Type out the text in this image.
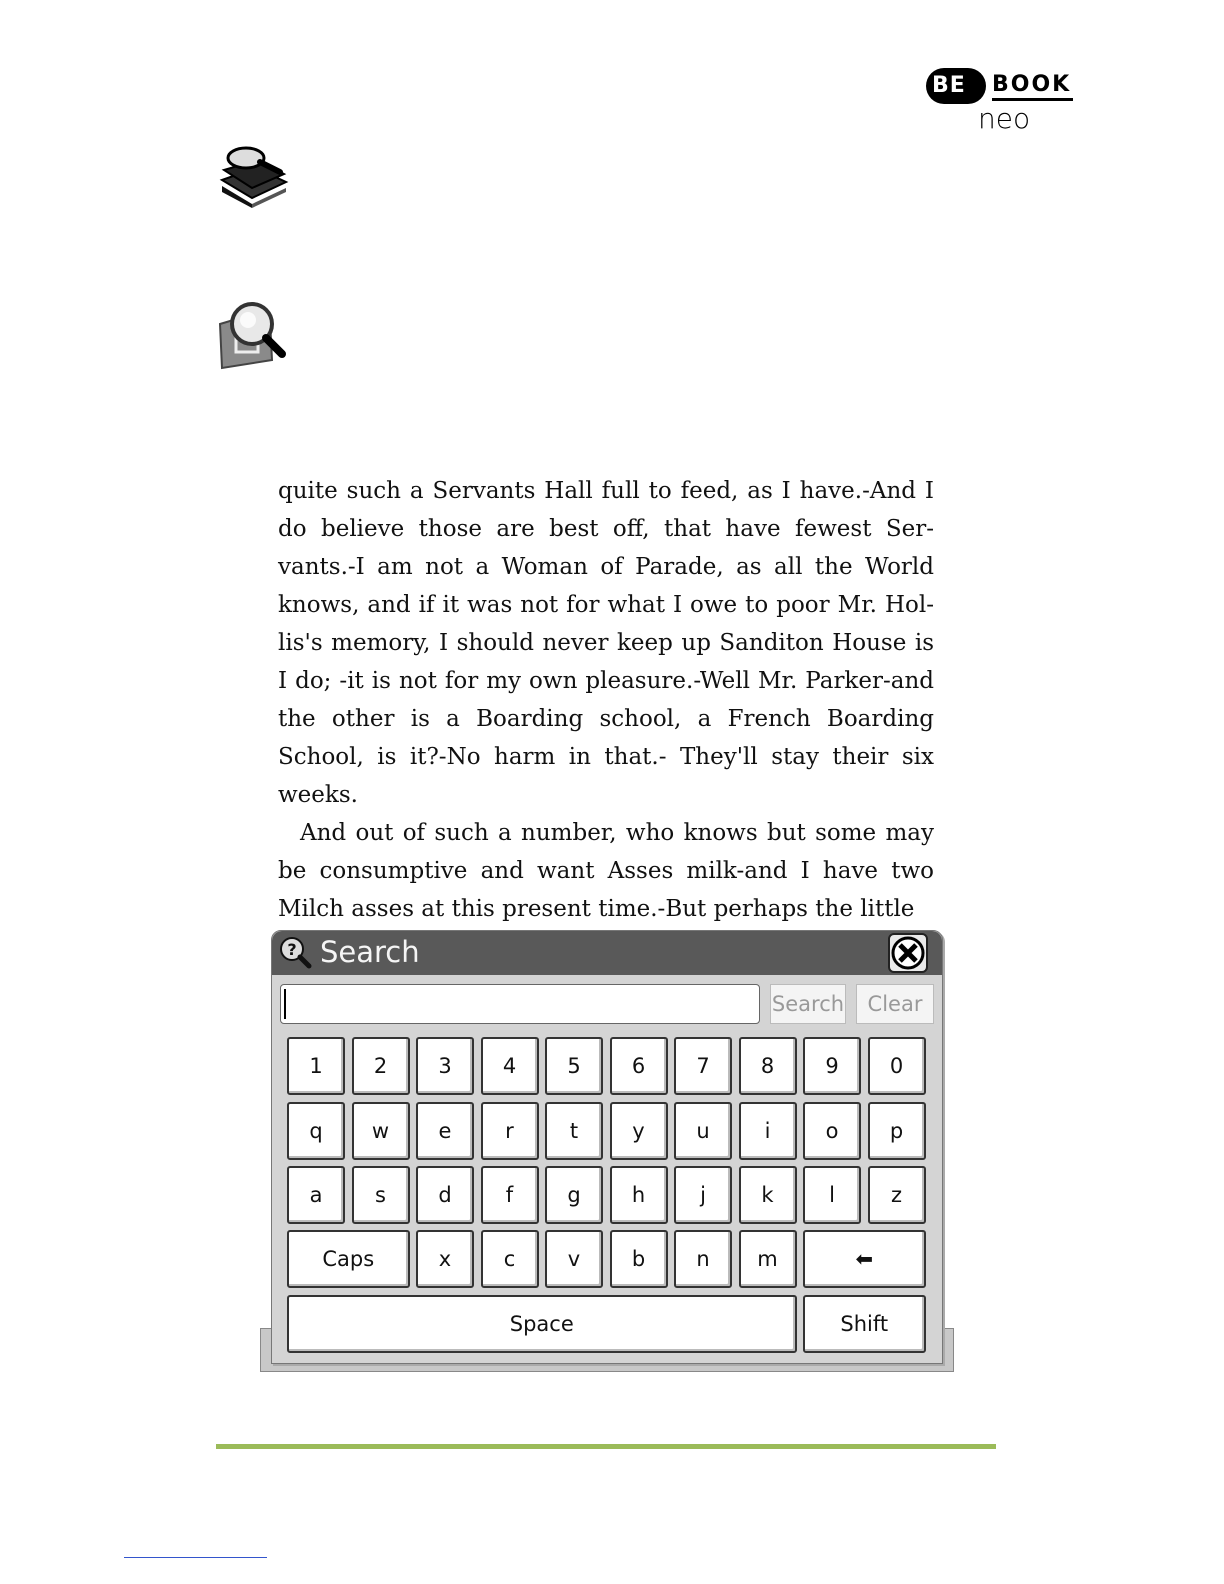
BE BOOK
neo

quite such a Servants Hall full to feed, as I have.-And I do believe those are best off, that have fewest Ser- vants.-I am not a Woman of Parade, as all the World knows, and if it was not for what I owe to poor Mr. Hol- lis's memory, I should never keep up Sanditon House is I do; -it is not for my own pleasure.-Well Mr. Parker-and the other is a Boarding school, a French Boarding School, is it?-No harm in that.- They'll stay their six weeks.

And out of such a number, who knows but some may be consumptive and want Asses milk-and I have two Milch asses at this present time.-But perhaps the little

? Search
Search	Clear
1	2	3	4	5	6	7	8	9	0
q	w	e	r	t	y	u	i	o	p
a	s	d	f	g	h	j	k	l	z
Caps	x	c	v	b	n	m	⬅
Space	Shift
